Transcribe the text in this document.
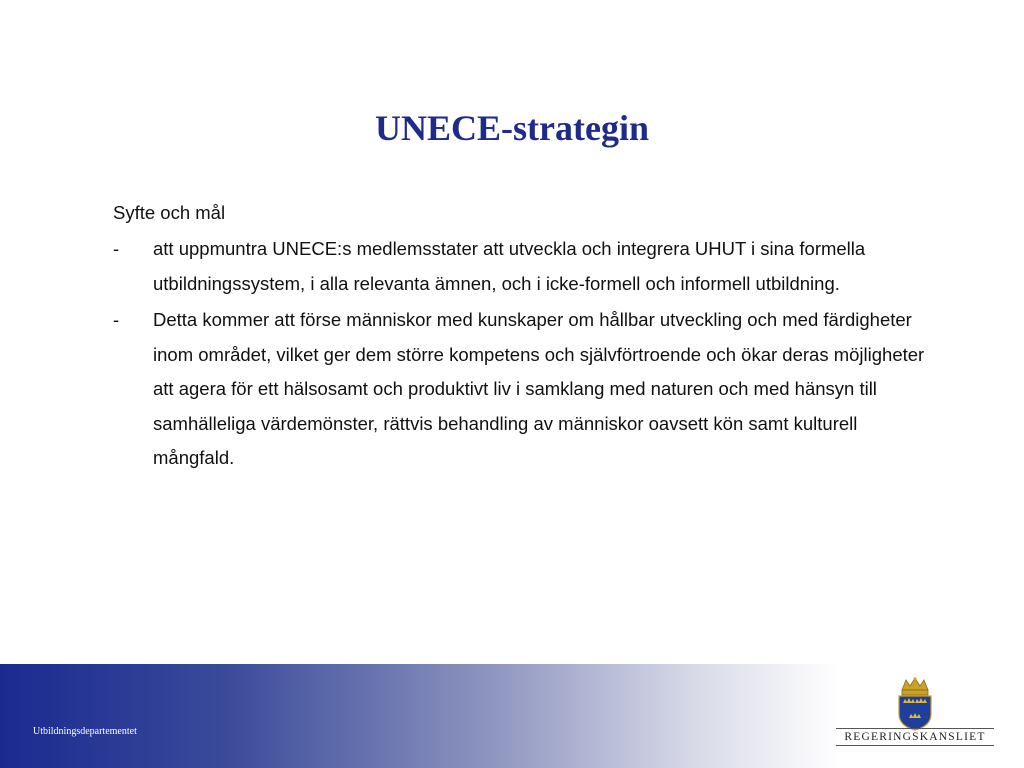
UNECE-strategin
Syfte och mål
- att uppmuntra UNECE:s medlemsstater att utveckla och integrera UHUT i sina formella utbildningssystem, i alla relevanta ämnen, och i icke-formell och informell utbildning.
- Detta kommer att förse människor med kunskaper om hållbar utveckling och med färdigheter inom området, vilket ger dem större kompetens och självförtroende och ökar deras möjligheter att agera för ett hälsosamt och produktivt liv i samklang med naturen och med hänsyn till samhälleliga värdemönster, rättvis behandling av människor oavsett kön samt kulturell mångfald.
Utbildningsdepartementet	REGERINGSKANSLIET
